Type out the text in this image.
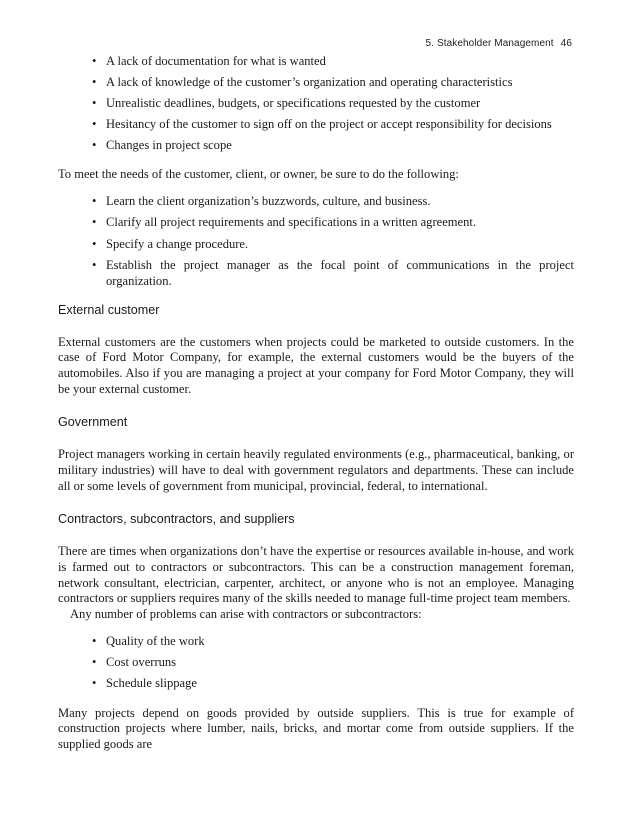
5. Stakeholder Management 46
• A lack of documentation for what is wanted
• A lack of knowledge of the customer’s organization and operating characteristics
• Unrealistic deadlines, budgets, or specifications requested by the customer
• Hesitancy of the customer to sign off on the project or accept responsibility for decisions
• Changes in project scope

To meet the needs of the customer, client, or owner, be sure to do the following:

• Learn the client organization’s buzzwords, culture, and business.
• Clarify all project requirements and specifications in a written agreement.
• Specify a change procedure.
• Establish the project manager as the focal point of communications in the project organization.
External customer

External customers are the customers when projects could be marketed to outside customers. In the case of Ford Motor Company, for example, the external customers would be the buyers of the automobiles. Also if you are managing a project at your company for Ford Motor Company, they will be your external customer.

Government

Project managers working in certain heavily regulated environments (e.g., pharmaceutical, banking, or military industries) will have to deal with government regulators and departments. These can include all or some levels of government from municipal, provincial, federal, to international.

Contractors, subcontractors, and suppliers

There are times when organizations don’t have the expertise or resources available in-house, and work is farmed out to contractors or subcontractors. This can be a construction management foreman, network consultant, electrician, carpenter, architect, or anyone who is not an employee. Managing contractors or suppliers requires many of the skills needed to manage full-time project team members.

Any number of problems can arise with contractors or subcontractors:

• Quality of the work
• Cost overruns
• Schedule slippage

Many projects depend on goods provided by outside suppliers. This is true for example of construction projects where lumber, nails, bricks, and mortar come from outside suppliers. If the supplied goods are
